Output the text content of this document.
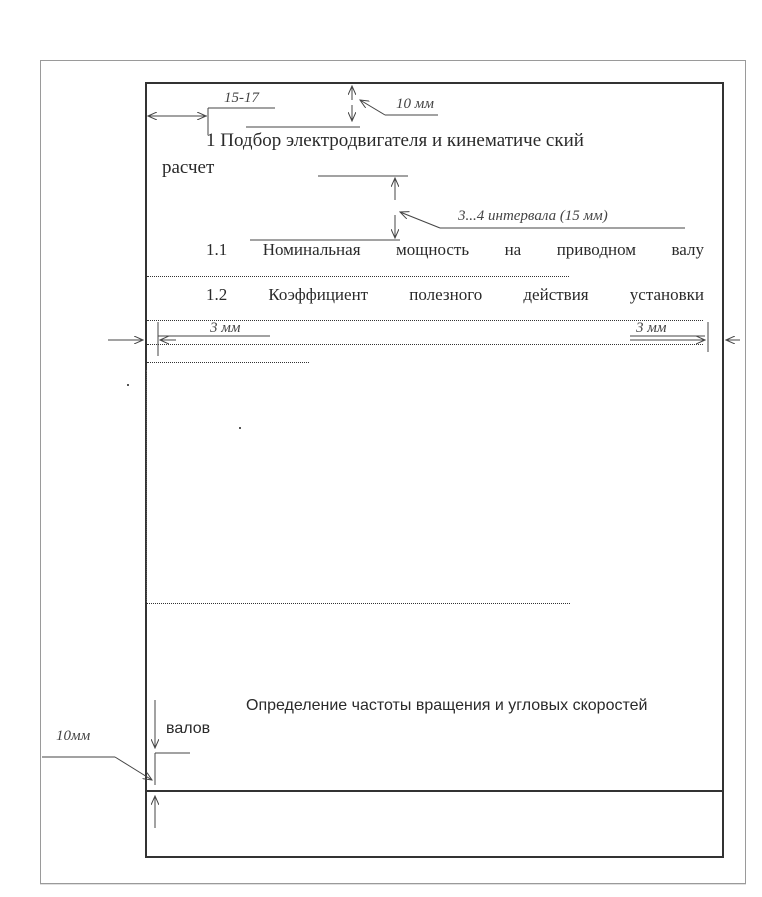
15-17	10 мм
3...4 интервала (15 мм)
3 мм	3 мм
10мм
1 Подбор электродвигателя и кинематиче ский
расчет
1.1 Номинальная мощность на приводном валу
1.2 Коэффициент полезного действия установки
Определение частоты вращения и угловых скоростей
валов
